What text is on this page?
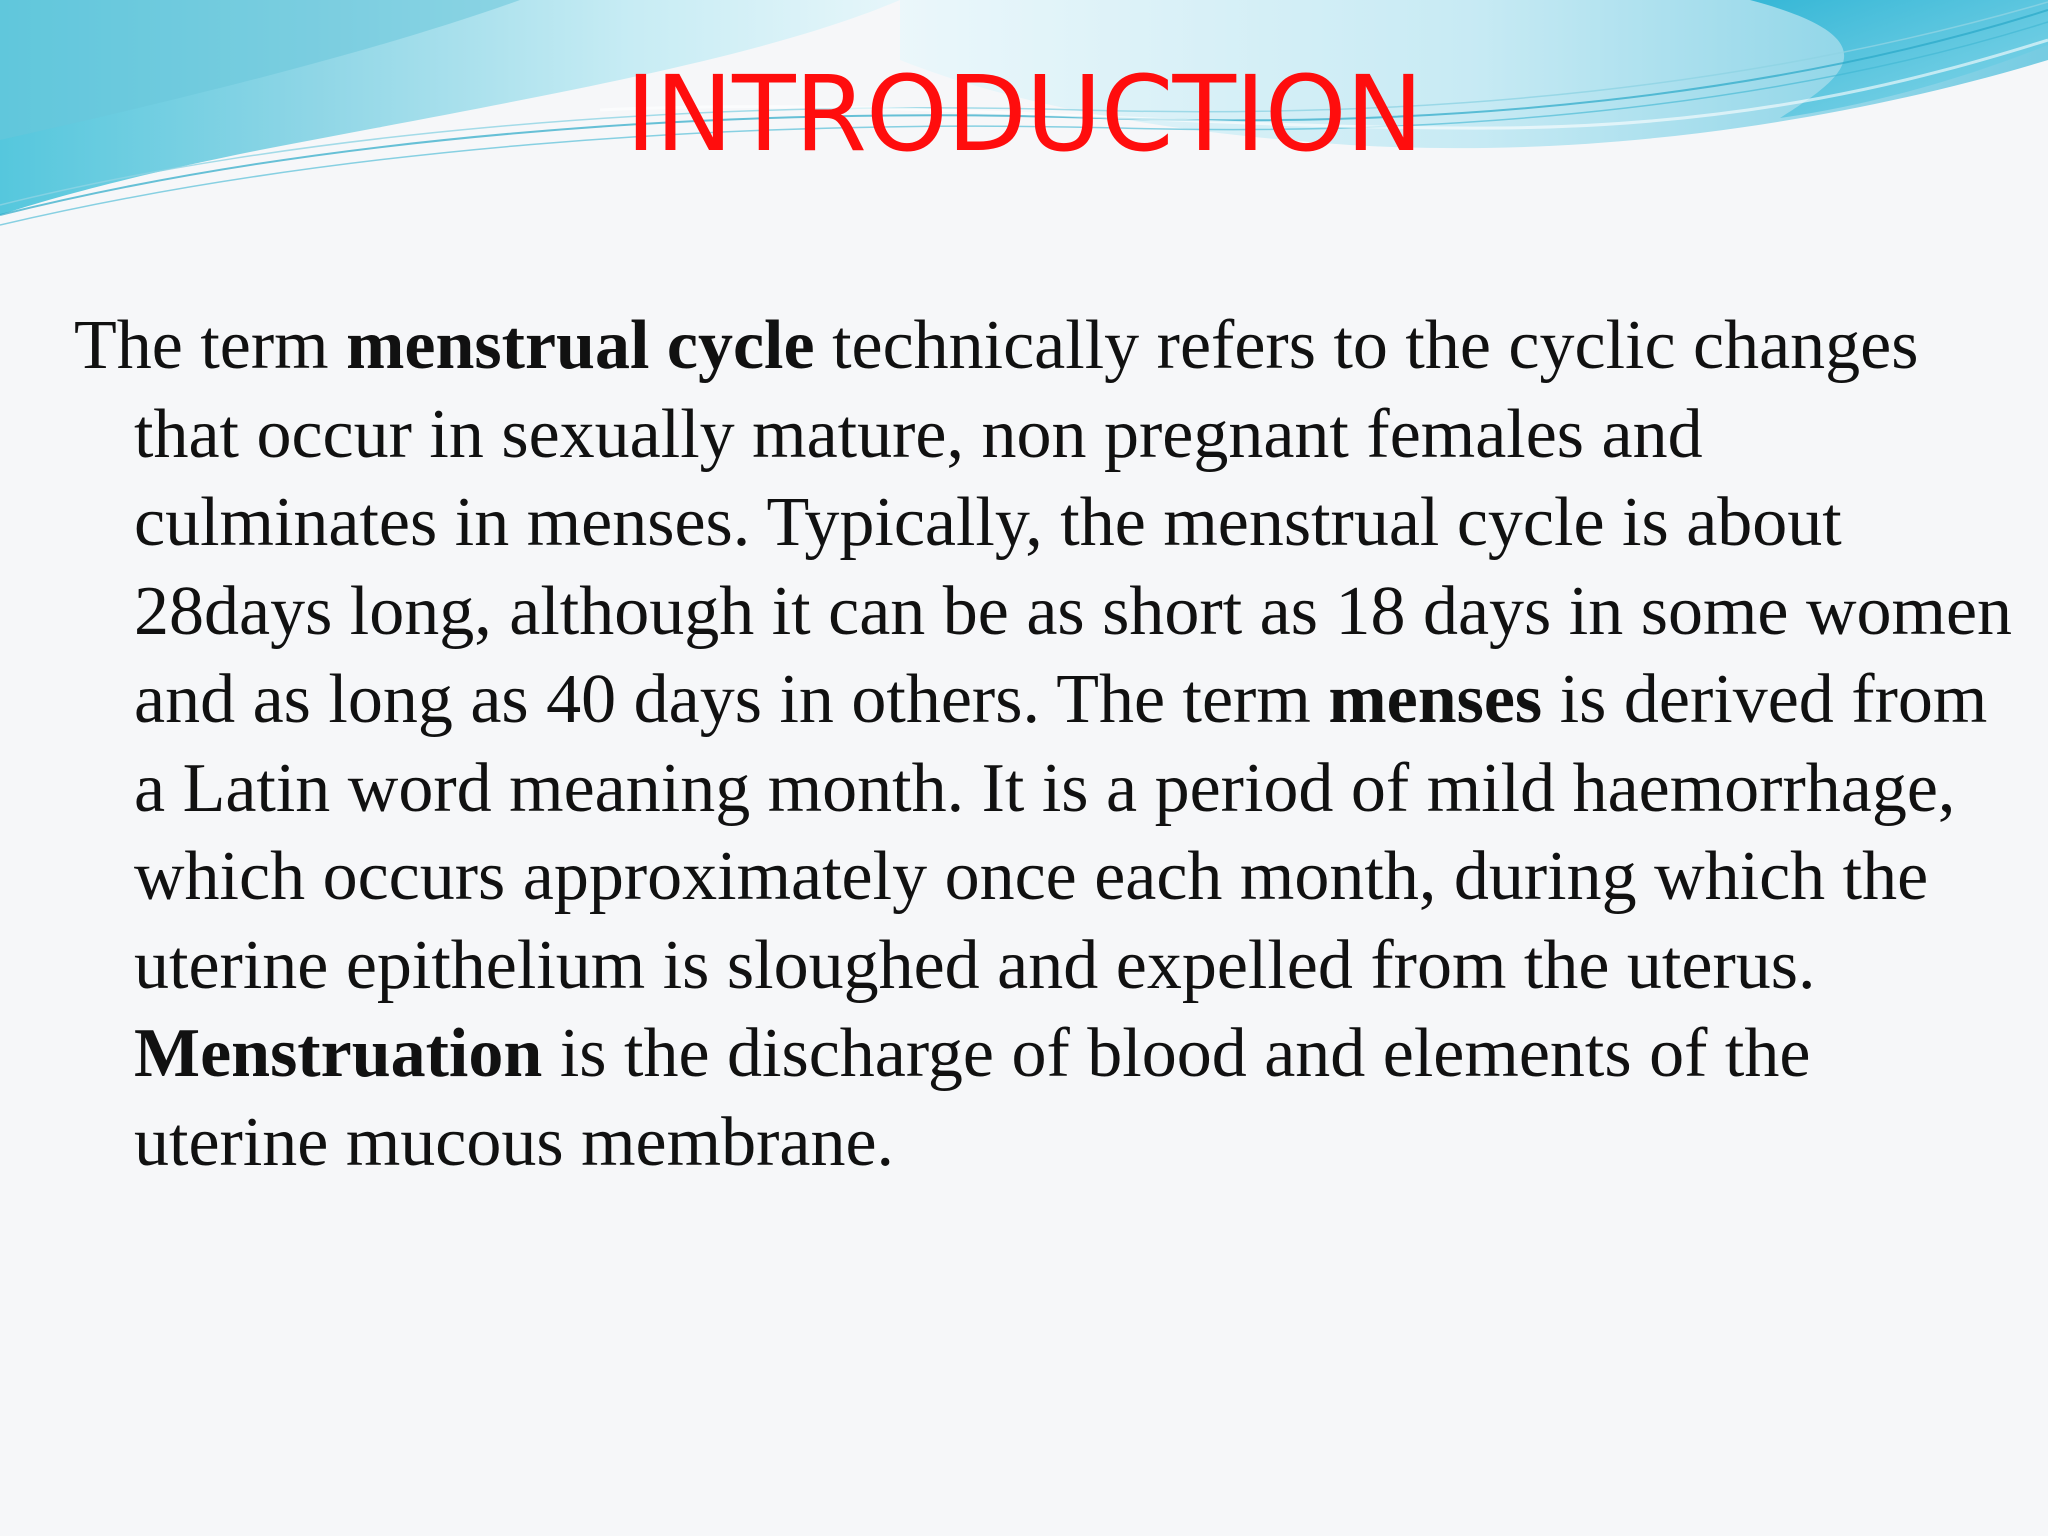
INTRODUCTION

The term menstrual cycle technically refers to the cyclic changes that occur in sexually mature, non pregnant females and culminates in menses. Typically, the menstrual cycle is about 28days long, although it can be as short as 18 days in some women and as long as 40 days in others. The term menses is derived from a Latin word meaning month. It is a period of mild haemorrhage, which occurs approximately once each month, during which the uterine epithelium is sloughed and expelled from the uterus. Menstruation is the discharge of blood and elements of the uterine mucous membrane.
